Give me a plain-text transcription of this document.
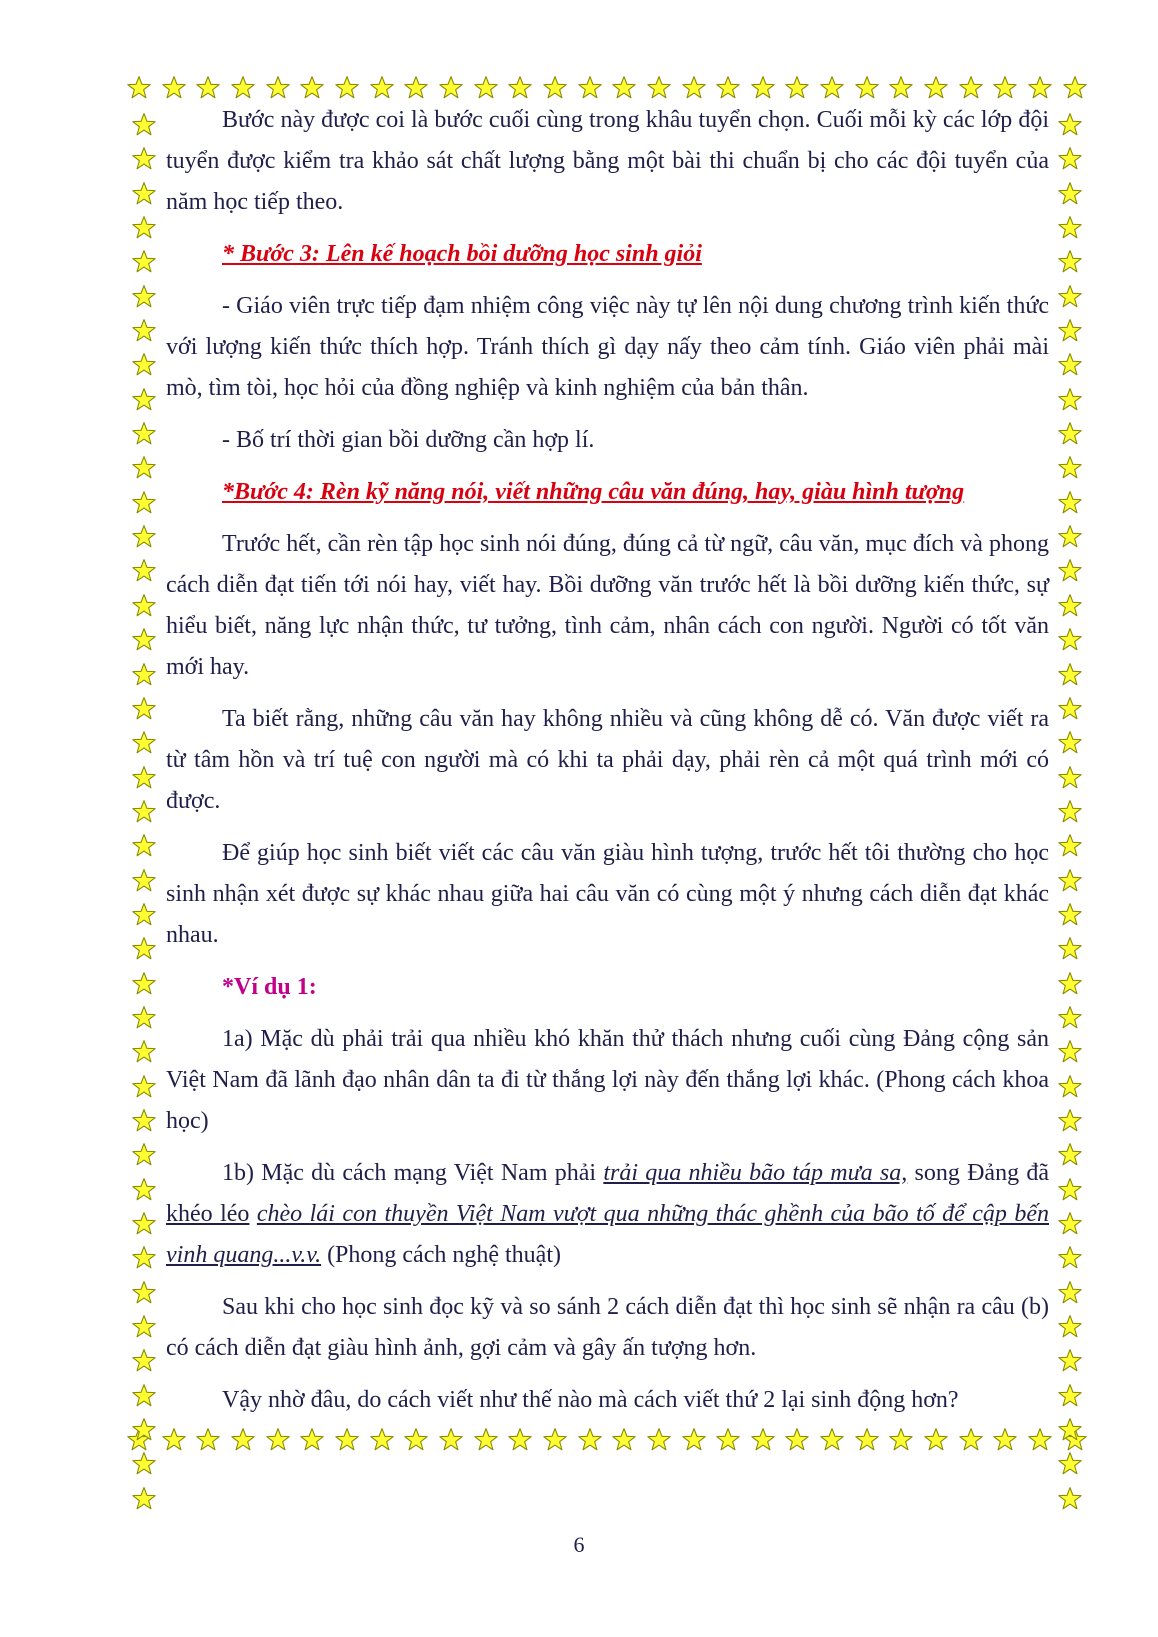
Bước này được coi là bước cuối cùng trong khâu tuyển chọn. Cuối mỗi kỳ các lớp đội tuyển được kiểm tra khảo sát chất lượng bằng một bài thi chuẩn bị cho các đội tuyển của năm học tiếp theo.

* Bước 3: Lên kế hoạch bồi dưỡng học sinh giỏi

- Giáo viên trực tiếp đạm nhiệm công việc này tự lên nội dung chương trình kiến thức với lượng kiến thức thích hợp. Tránh thích gì dạy nấy theo cảm tính. Giáo viên phải mài mò, tìm tòi, học hỏi của đồng nghiệp và kinh nghiệm của bản thân.

- Bố trí thời gian bồi dưỡng cần hợp lí.

*Bước 4: Rèn kỹ năng nói, viết những câu văn đúng, hay, giàu hình tượng

Trước hết, cần rèn tập học sinh nói đúng, đúng cả từ ngữ, câu văn, mục đích và phong cách diễn đạt tiến tới nói hay, viết hay. Bồi dưỡng văn trước hết là bồi dưỡng kiến thức, sự hiểu biết, năng lực nhận thức, tư tưởng, tình cảm, nhân cách con người. Người có tốt văn mới hay.

Ta biết rằng, những câu văn hay không nhiều và cũng không dễ có. Văn được viết ra từ tâm hồn và trí tuệ con người mà có khi ta phải dạy, phải rèn cả một quá trình mới có được.

Để giúp học sinh biết viết các câu văn giàu hình tượng, trước hết tôi thường cho học sinh nhận xét được sự khác nhau giữa hai câu văn có cùng một ý nhưng cách diễn đạt khác nhau.

*Ví dụ 1:

1a) Mặc dù phải trải qua nhiều khó khăn thử thách nhưng cuối cùng Đảng cộng sản Việt Nam đã lãnh đạo nhân dân ta đi từ thắng lợi này đến thắng lợi khác. (Phong cách khoa học)

1b) Mặc dù cách mạng Việt Nam phải trải qua nhiều bão táp mưa sa, song Đảng đã khéo léo chèo lái con thuyền Việt Nam vượt qua những thác ghềnh của bão tố để cập bến vinh quang...v.v. (Phong cách nghệ thuật)

Sau khi cho học sinh đọc kỹ và so sánh 2 cách diễn đạt thì học sinh sẽ nhận ra câu (b) có cách diễn đạt giàu hình ảnh, gợi cảm và gây ấn tượng hơn.

Vậy nhờ đâu, do cách viết như thế nào mà cách viết thứ 2 lại sinh động hơn?

6
